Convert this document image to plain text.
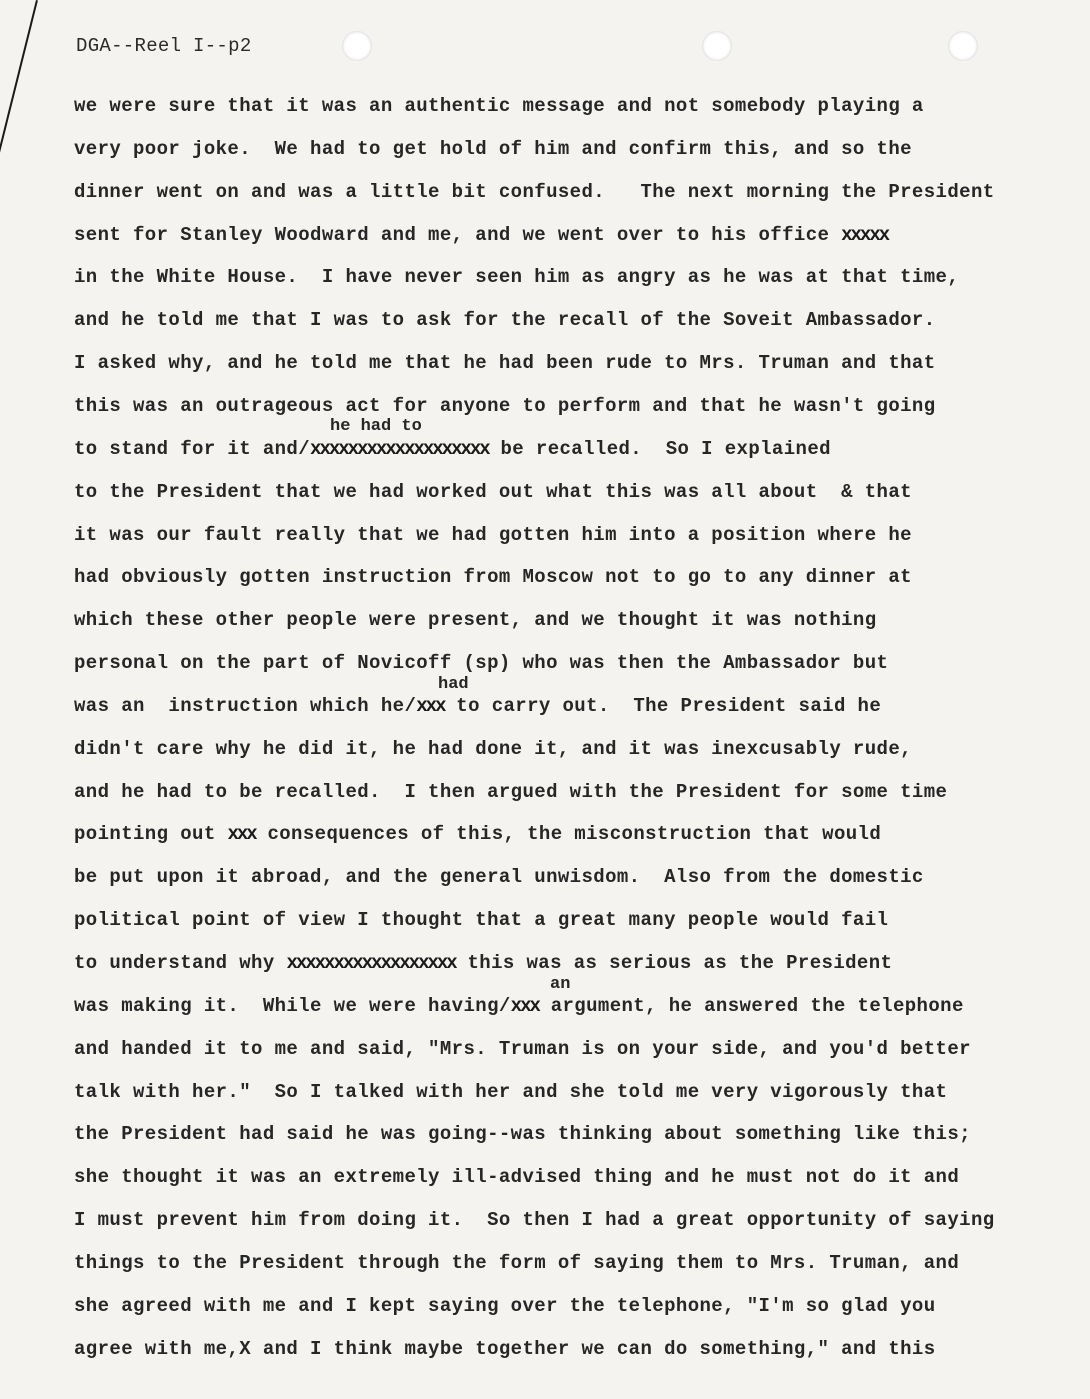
DGA--Reel I--p2
he had to
had
an
we were sure that it was an authentic message and not somebody playing a
very poor joke.  We had to get hold of him and confirm this, and so the
dinner went on and was a little bit confused.   The next morning the President
sent for Stanley Woodward and me, and we went over to his office xxxxx
in the White House.  I have never seen him as angry as he was at that time,
and he told me that I was to ask for the recall of the Soveit Ambassador.
I asked why, and he told me that he had been rude to Mrs. Truman and that
this was an outrageous act for anyone to perform and that he wasn't going
to stand for it and/xxxxxxxxxxxxxxxxxxx be recalled.  So I explained
to the President that we had worked out what this was all about  & that
it was our fault really that we had gotten him into a position where he
had obviously gotten instruction from Moscow not to go to any dinner at
which these other people were present, and we thought it was nothing
personal on the part of Novicoff (sp) who was then the Ambassador but
was an  instruction which he/xxx to carry out.  The President said he
didn't care why he did it, he had done it, and it was inexcusably rude,
and he had to be recalled.  I then argued with the President for some time
pointing out xxx consequences of this, the misconstruction that would
be put upon it abroad, and the general unwisdom.  Also from the domestic
political point of view I thought that a great many people would fail
to understand why xxxxxxxxxxxxxxxxxx this was as serious as the President
was making it.  While we were having/xxx argument, he answered the telephone
and handed it to me and said, "Mrs. Truman is on your side, and you'd better
talk with her."  So I talked with her and she told me very vigorously that
the President had said he was going--was thinking about something like this;
she thought it was an extremely ill-advised thing and he must not do it and
I must prevent him from doing it.  So then I had a great opportunity of saying
things to the President through the form of saying them to Mrs. Truman, and
she agreed with me and I kept saying over the telephone, "I'm so glad you
agree with me,X and I think maybe together we can do something," and this
